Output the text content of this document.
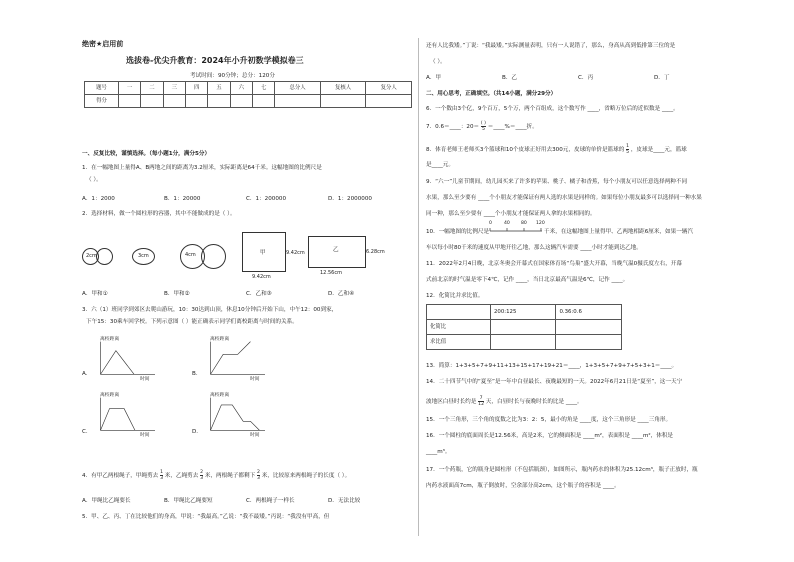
绝密★启用前
选拔卷-优尖升教育：2024年小升初数学模拟卷三
考试时间：90分钟；总分：120分
题号	一	二	三	四	五	六	七	总分人	复核人	复分人
得分										
一、反复比较，谨慎选择。（每小题1分，满分5分）
1．在一幅地图上量得A、B两地之间的距离为3.2厘米，实际距离是64千米。这幅地图的比例尺是
（ ）。
A．1：2000	B．1：20000	C．1：200000	D．1：2000000
2．选择材料，做一个圆柱形的容器，其中不能做成的是（ ）。
2cm	3cm	4cm	甲	9.42cm
9.42cm
乙	6.28cm
12.56cm
A．甲和①	B．甲和②	C．乙和③	D．乙和④
3．六（1）班同学到郊区去爬山游玩，10：30达到山顶，休息10分钟后开始下山，中午12：00到家，
下午15：30乘车回学校。下列示意图（ ）能正确表示同学们离校距离与时间的关系。
A.
离校距离
时间
B.
离校距离
时间
C.
离校距离
时间
D.
离校距离
时间
4．有甲乙两根绳子，甲绳剪去 $\frac{1}{3}$ 米，乙绳剪去 $\frac{2}{3}$ 米，两根绳子都剩下 $\frac{2}{3}$ 米，比较原来两根绳子的长度（ ）。
A．甲绳比乙绳要长	B．甲绳比乙绳要短	C．两根绳子一样长	D．无法比较
5．甲、乙、丙、丁在比较他们的身高，甲说：“我最高。”乙说：“我不最矮。”丙说：“我没有甲高，但
还有人比我矮。”丁说：“我最矮。”实际测量表明，只有一人说错了，那么，身高从高到低排第三位的是
（ ）。
A．甲	B．乙	C．丙	D．丁
二、用心思考，正确填空。（共14小题，满分29分）
6．一个数由3个亿，9个百万，5个万，两个百组成，这个数写作 ____，省略万位后的近似数是 ____。
7．0.6＝____：20＝
( )
5 ＝____%＝____折。
8．体育老师王老师买3个篮球和10个皮球正好用去300元，皮球的单价是篮球的 $\frac{1}{5}$ ，皮球是____元，篮球
是____元。
9．“六一”儿童节期间，幼儿园买来了许多的苹果、桃子、橘子和香蕉，每个小朋友可以任意选择两种不同
水果，那么至少要有 ____个小朋友才能保证有两人选的水果是同样的。如果每位小朋友最多可以选择同一种水果
同一种，那么至少要有 ____个小朋友才能保证两人拿的水果相同的。
10．一幅地图的比例尺是
0	40 80 120
千米，在这幅地图上量得甲、乙两地相距6厘米，如果一辆汽
车以每小时80千米的速度从甲地开往乙地，那么这辆汽车需要 ____小时才能到达乙地。
11．2022年2月4日晚，北京冬奥会开幕式在国家体育场“鸟巢”盛大开幕，当晚气温0摄氏度左右，开幕
式前北京的时气温是零下4℃，记作 ____，当日北京最高气温是6℃，记作 ____。
12．化简比并求比值。
	200:125	0.36:0.6
化简比		
求比值		
13．简算：1+3+5+7+9+11+13+15+17+19+21＝____，1+3+5+7+9+7+5+3+1＝____。
14．二十四节气中的“夏至”是一年中白昼最长、夜晚最短的一天。2022年6月21日是“夏至”，这一天宁
波地区白昼时长约是 $\frac{7}{12}$ 天，白昼时长与夜晚时长的比是 ____。
15．一个三角形，三个角的度数之比为3：2：5，最小的角是 ____度，这个三角形是 ____三角形。
16．一个圆柱的底面周长是12.56米，高是2米，它的侧面积是 ____m²，表面积是 ____m²，体积是
____m³。
17．一个药瓶，它的瓶身是圆柱形（不包括瓶颈），如图所示，瓶内药水的体积为25.12cm³，瓶子正放时，瓶
内药水液面高7cm，瓶子倒放时，空余部分高2cm，这个瓶子的容积是 ____。
